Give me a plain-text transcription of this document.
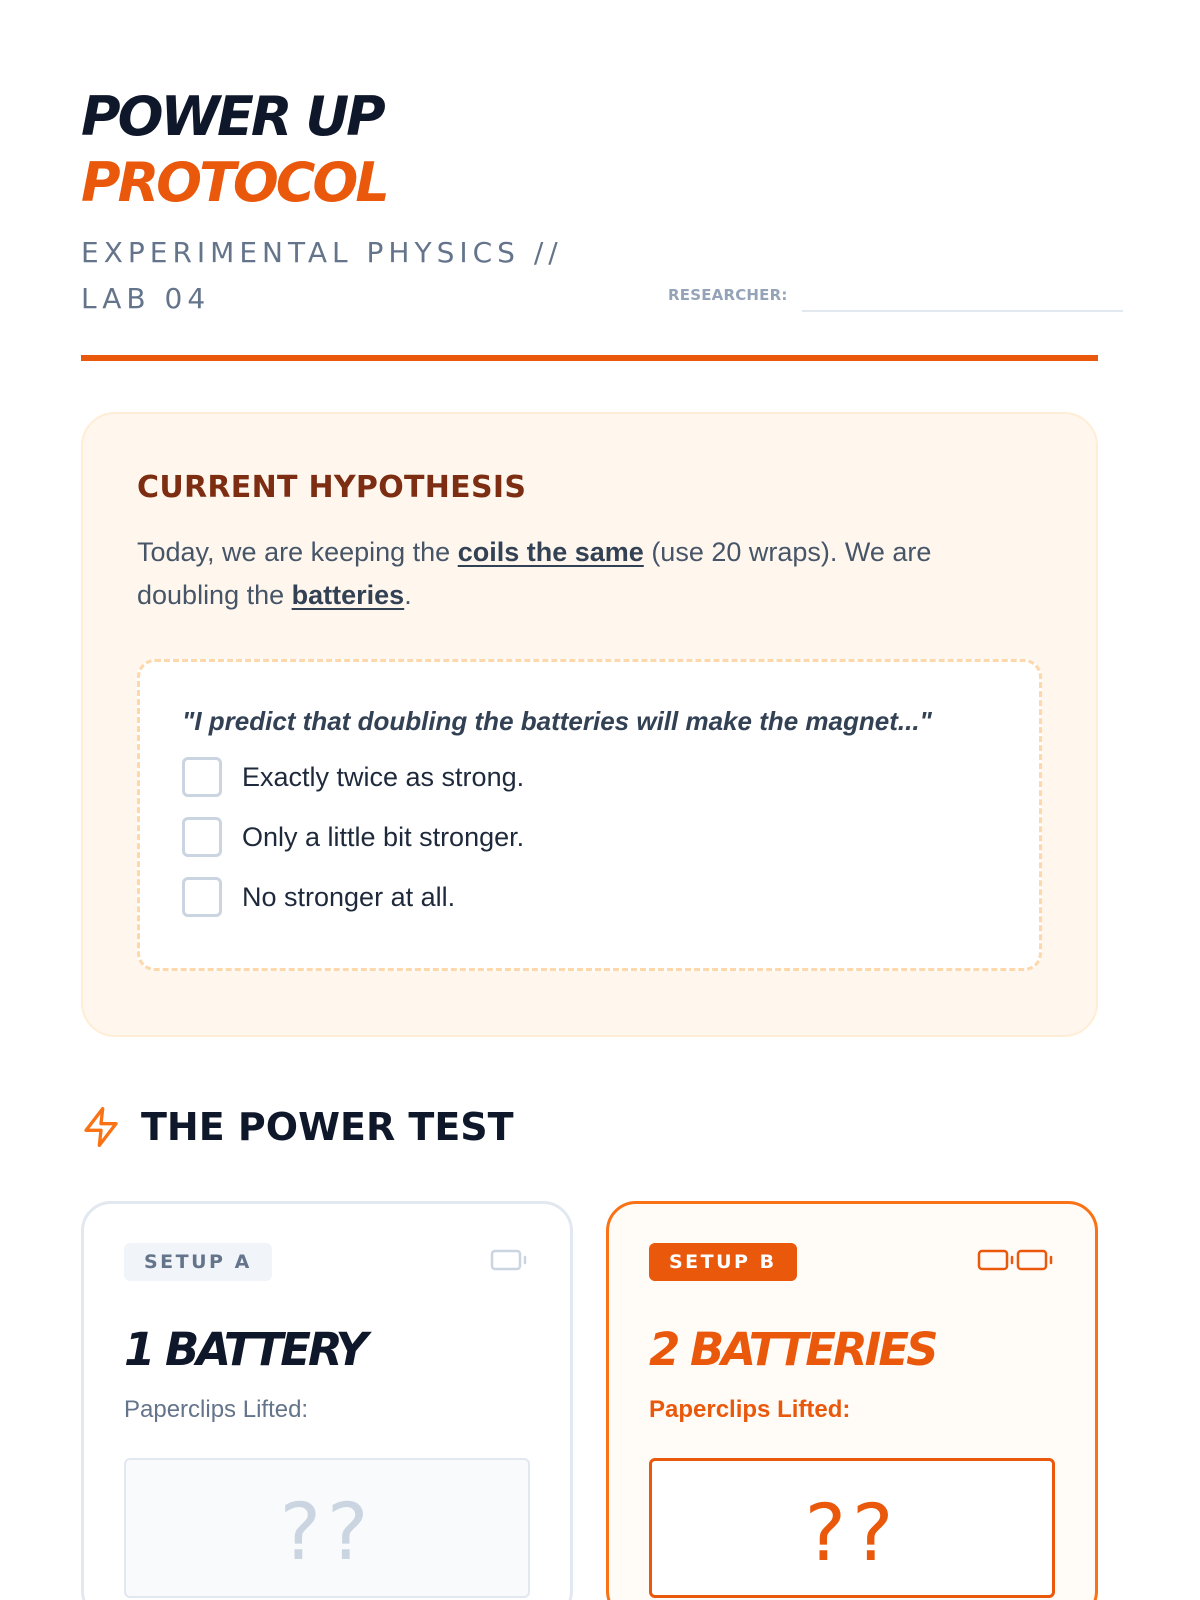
POWER UP
PROTOCOL
EXPERIMENTAL PHYSICS // LAB 04	RESEARCHER:
CURRENT HYPOTHESIS

Today, we are keeping the coils the same (use 20 wraps). We are doubling the batteries.

"I predict that doubling the batteries will make the magnet..."
Exactly twice as strong.
Only a little bit stronger.
No stronger at all.
THE POWER TEST
SETUP A
1 BATTERY
Paperclips Lifted:
??
SETUP B
2 BATTERIES
Paperclips Lifted:
??
